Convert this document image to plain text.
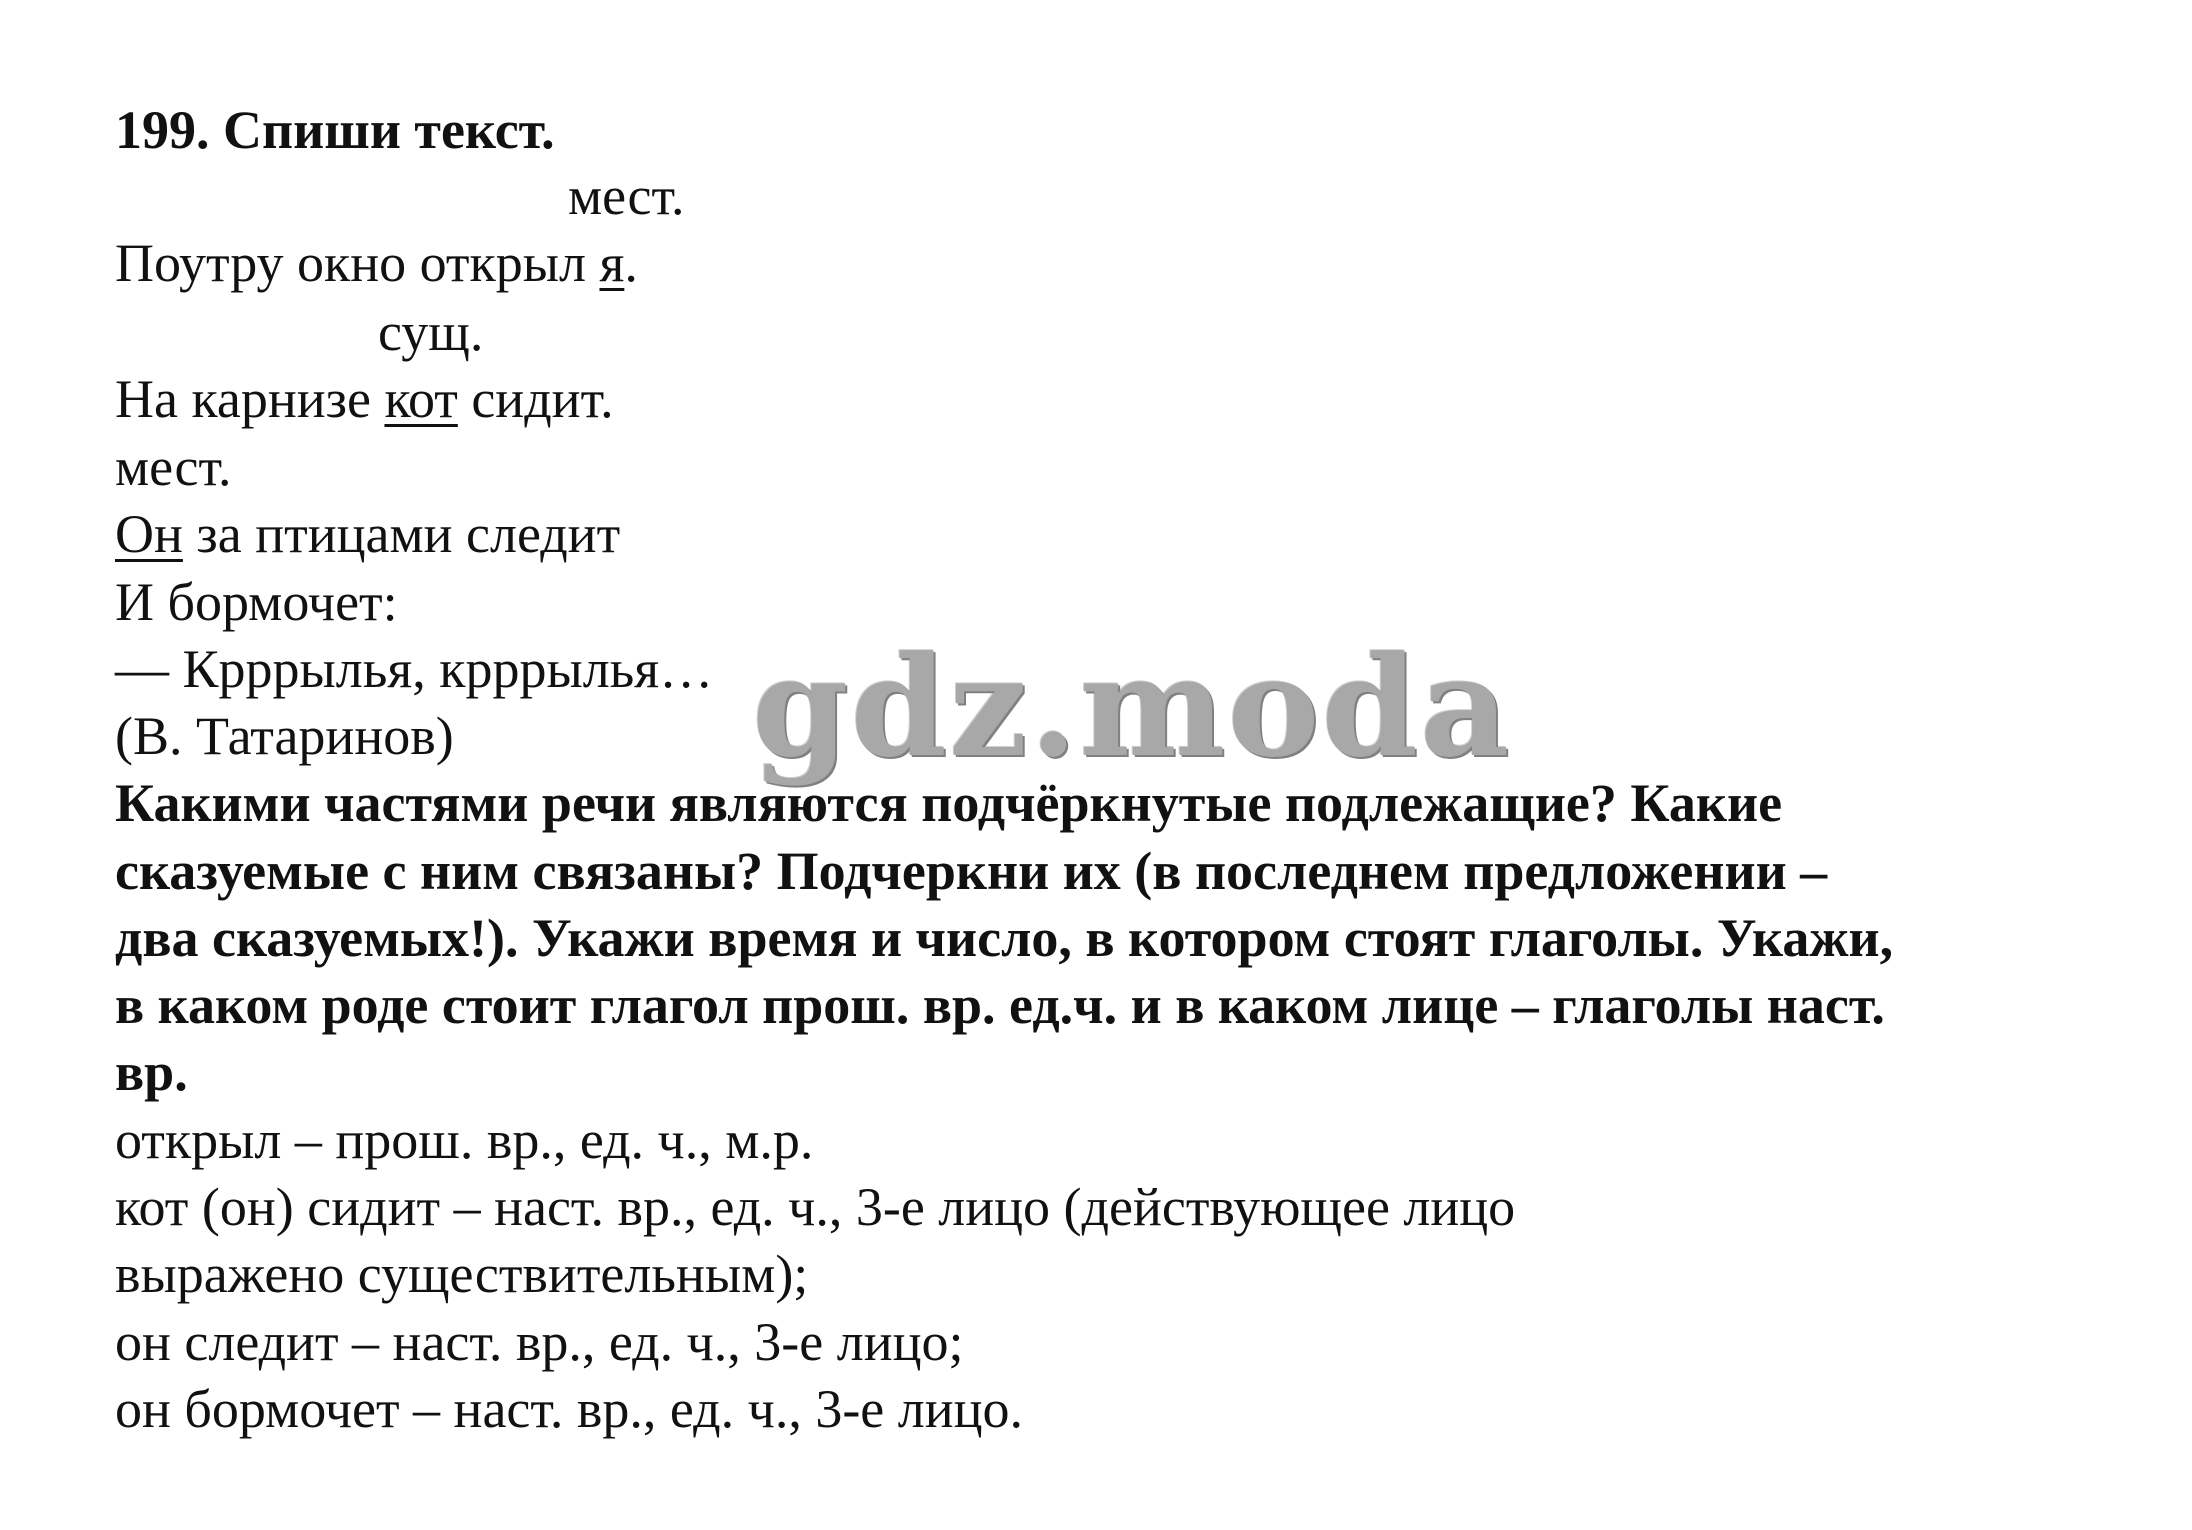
199. Спиши текст.
мест.
Поутру окно открыл я.
сущ.
На карнизе кот сидит.
мест.
Он за птицами следит
И бормочет:
— Крррылья, крррылья…
(В. Татаринов)
Какими частями речи являются подчёркнутые подлежащие? Какие
сказуемые с ним связаны? Подчеркни их (в последнем предложении –
два сказуемых!). Укажи время и число, в котором стоят глаголы. Укажи,
в каком роде стоит глагол прош. вр. ед.ч. и в каком лице – глаголы наст.
вр.
открыл – прош. вр., ед. ч., м.р.
кот (он) сидит – наст. вр., ед. ч., 3-е лицо (действующее лицо
выражено существительным);
он следит – наст. вр., ед. ч., 3-е лицо;
он бормочет – наст. вр., ед. ч., 3-е лицо.
gdz.moda
